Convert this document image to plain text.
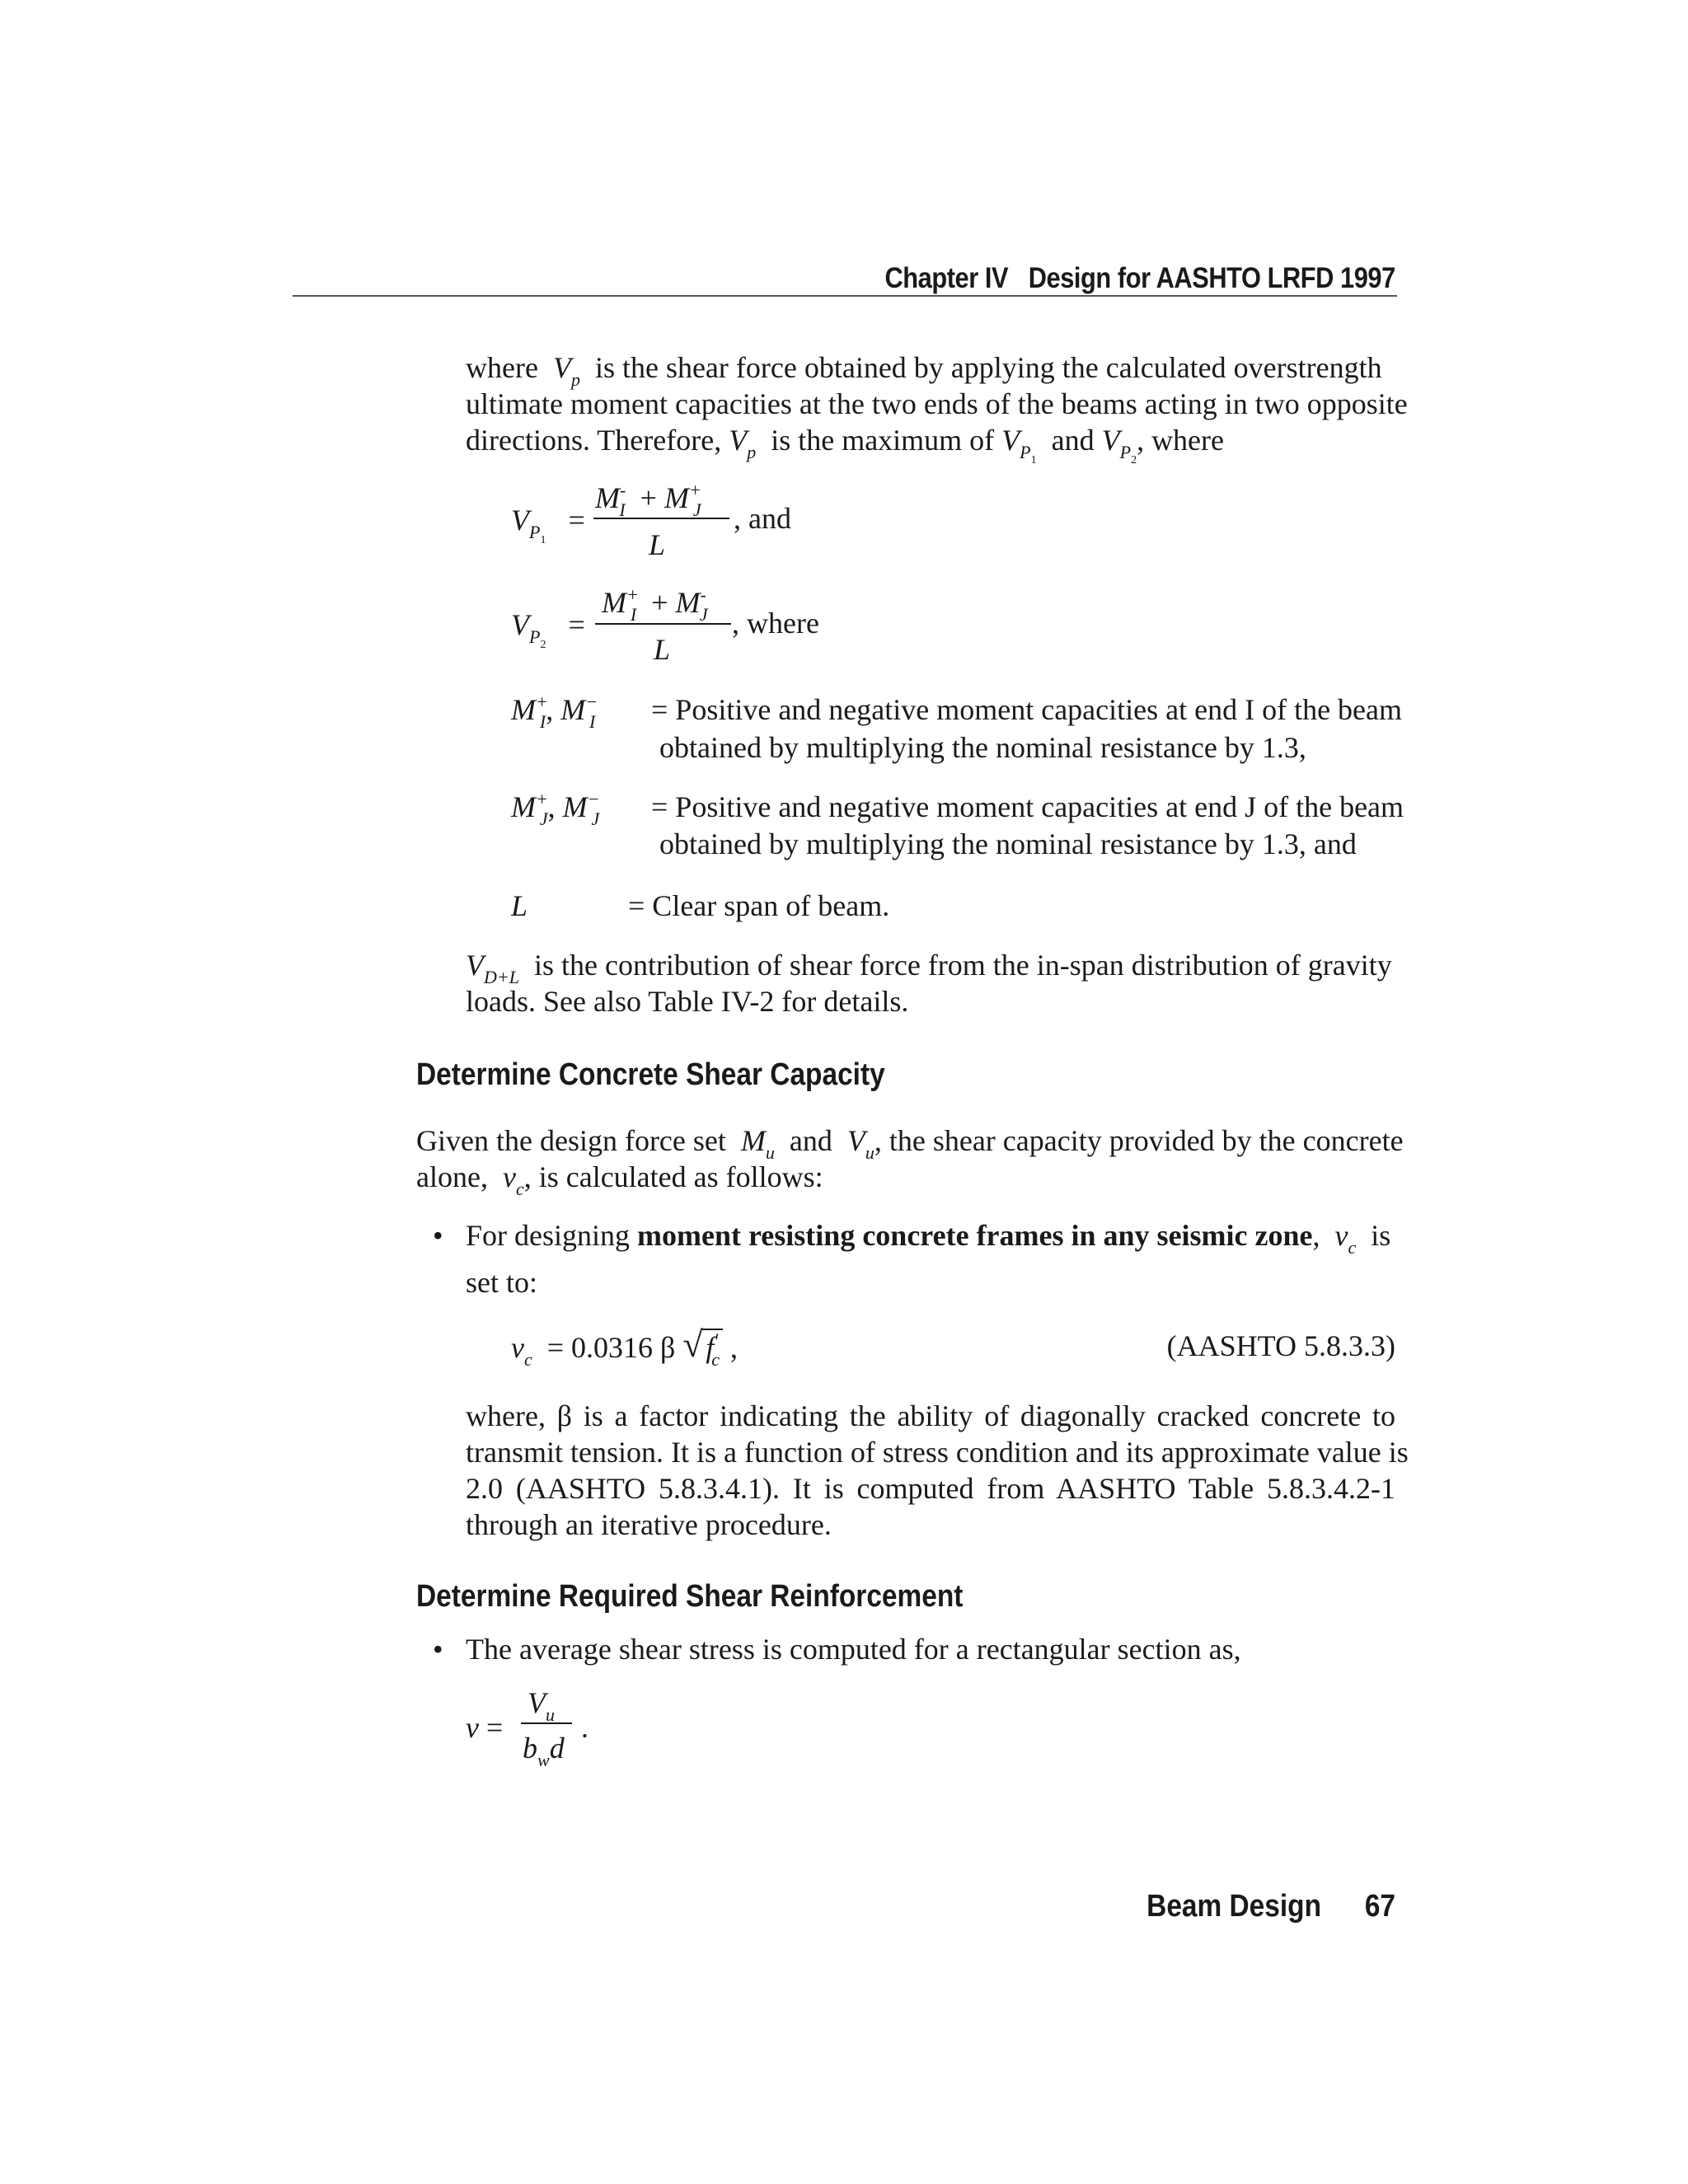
Chapter IV Design for AASHTO LRFD 1997
where  $V_p$ is the shear force obtained by applying the calculated overstrength
ultimate moment capacities at the two ends of the beams acting in two opposite
directions. Therefore, $V_p$ is the maximum of $V_{P_1}$  and $V_{P_2}$, where
$V_{P_1}$   =
$M^-_I + M^+_J$
L
, and
$V_{P_2}$   =
$M^+_I + M^-_J$
L
, where
$M^+_I$, $M^-_I$ = Positive and negative moment capacities at end I of the beam
obtained by multiplying the nominal resistance by 1.3,
$M^+_J$, $M^-_J$ = Positive and negative moment capacities at end J of the beam
obtained by multiplying the nominal resistance by 1.3, and
L	= Clear span of beam.
$V_{D+L}$ is the contribution of shear force from the in-span distribution of gravity
loads. See also Table IV-2 for details.
Determine Concrete Shear Capacity
Given the design force set  $M_u$ and  $V_u$, the shear capacity provided by the concrete
alone,  $v_c$, is calculated as follows:
• For designing moment resisting concrete frames in any seismic zone,  $v_c$ is
set to:
$v_c = 0.0316$ β √ $f'_c$ ,	(AASHTO 5.8.3.3)
where, β is a factor indicating the ability of diagonally cracked concrete to
transmit tension. It is a function of stress condition and its approximate value is
2.0 (AASHTO 5.8.3.4.1). It is computed from AASHTO Table 5.8.3.4.2-1
through an iterative procedure.
Determine Required Shear Reinforcement
• The average shear stress is computed for a rectangular section as,
v =
$V_u$
$b_wd$
.
Beam Design 67
